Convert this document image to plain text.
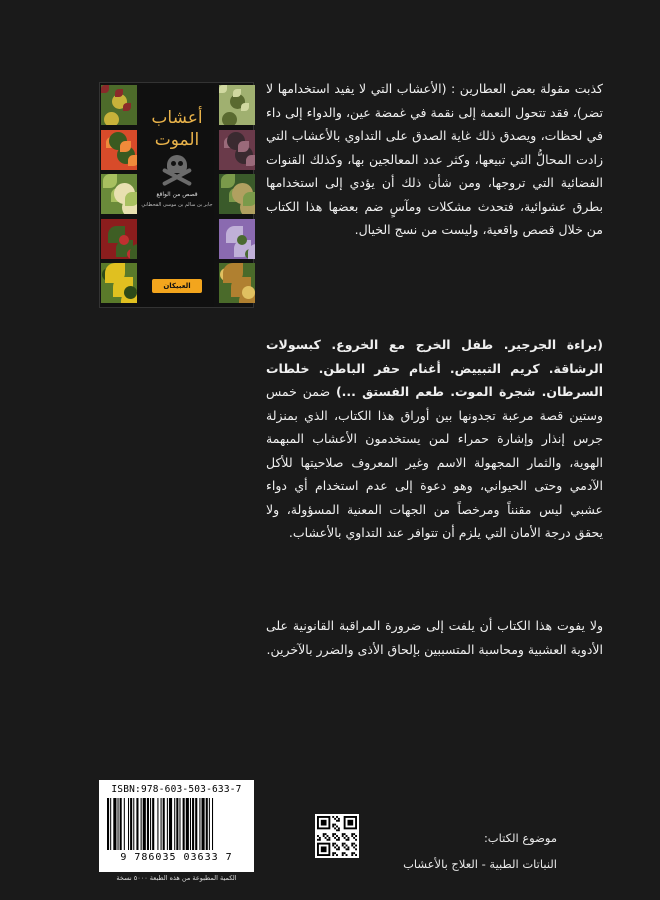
أعشاب
الموت
قصص من الواقع
جابر بن سالم بن موسى القحطاني
العبيكان Obeikan

كذبت مقولة بعض العطارين : (الأعشاب التي لا يفيد استخدامها لا تضر)، فقد تتحول النعمة إلى نقمة في غمضة عين، والدواء إلى داء في لحظات، ويصدق ذلك غاية الصدق على التداوي بالأعشاب التي زادت المحالُّ التي تبيعها، وكثر عدد المعالجين بها، وكذلك القنوات الفضائية التي تروجها، ومن شأن ذلك أن يؤدي إلى استخدامها بطرق عشوائية، فتحدث مشكلات ومآسٍ ضم بعضها هذا الكتاب من خلال قصص واقعية، وليست من نسج الخيال.

(براءة الجرجير. طفل الخرج مع الخروع. كبسولات الرشاقة. كريم التبييض. أغنام حفر الباطن. خلطات السرطان. شجرة الموت. طعم الفستق ...) ضمن خمس وستين قصة مرعبة تجدونها بين أوراق هذا الكتاب، الذي بمنزلة جرس إنذار وإشارة حمراء لمن يستخدمون الأعشاب المبهمة الهوية، والثمار المجهولة الاسم وغير المعروف صلاحيتها للأكل الآدمي وحتى الحيواني، وهو دعوة إلى عدم استخدام أي دواء عشبي ليس مقنناً ومرخصاً من الجهات المعنية المسؤولة، ولا يحقق درجة الأمان التي يلزم أن تتوافر عند التداوي بالأعشاب.

ولا يفوت هذا الكتاب أن يلفت إلى ضرورة المراقبة القانونية على الأدوية العشبية ومحاسبة المتسببين بإلحاق الأذى والضرر بالآخرين.

ISBN:978-603-503-633-7
9 786035 03633 7
الكمية المطبوعة من هذه الطبعة ٥٠٠٠ نسخة
موضوع الكتاب:
النباتات الطبية - العلاج بالأعشاب
